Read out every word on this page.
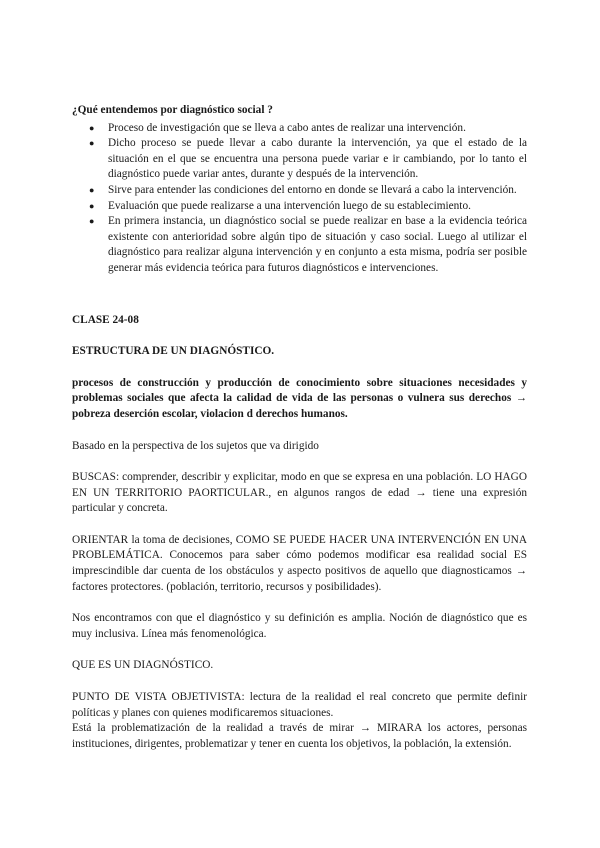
¿Qué entendemos por diagnóstico social ?
● Proceso de investigación que se lleva a cabo antes de realizar una intervención.
● Dicho proceso se puede llevar a cabo durante la intervención, ya que el estado de la situación en el que se encuentra una persona puede variar e ir cambiando, por lo tanto el diagnóstico puede variar antes, durante y después de la intervención.
● Sirve para entender las condiciones del entorno en donde se llevará a cabo la intervención.
● Evaluación que puede realizarse a una intervención luego de su establecimiento.
● En primera instancia, un diagnóstico social se puede realizar en base a la evidencia teórica existente con anterioridad sobre algún tipo de situación y caso social. Luego al utilizar el diagnóstico para realizar alguna intervención y en conjunto a esta misma, podría ser posible generar más evidencia teórica para futuros diagnósticos e intervenciones.
CLASE 24-08
ESTRUCTURA DE UN DIAGNÓSTICO.
procesos de construcción y producción de conocimiento sobre situaciones necesidades y problemas sociales que afecta la calidad de vida de las personas o vulnera sus derechos → pobreza deserción escolar, violacion d derechos humanos.

Basado en la perspectiva de los sujetos que va dirigido

BUSCAS: comprender, describir y explicitar, modo en que se expresa en una población. LO HAGO EN UN TERRITORIO PAORTICULAR., en algunos rangos de edad → tiene una expresión particular y concreta.

ORIENTAR la toma de decisiones, COMO SE PUEDE HACER UNA INTERVENCIÓN EN UNA PROBLEMÁTICA. Conocemos para saber cómo podemos modificar esa realidad social ES imprescindible dar cuenta de los obstáculos y aspecto positivos de aquello que diagnosticamos → factores protectores. (población, territorio, recursos y posibilidades).

Nos encontramos con que el diagnóstico y su definición es amplia. Noción de diagnóstico que es muy inclusiva. Línea más fenomenológica.

QUE ES UN DIAGNÓSTICO.

PUNTO DE VISTA OBJETIVISTA: lectura de la realidad el real concreto que permite definir políticas y planes con quienes modificaremos situaciones.

Está la problematización de la realidad a través de mirar → MIRARA los actores, personas instituciones, dirigentes, problematizar y tener en cuenta los objetivos, la población, la extensión.
